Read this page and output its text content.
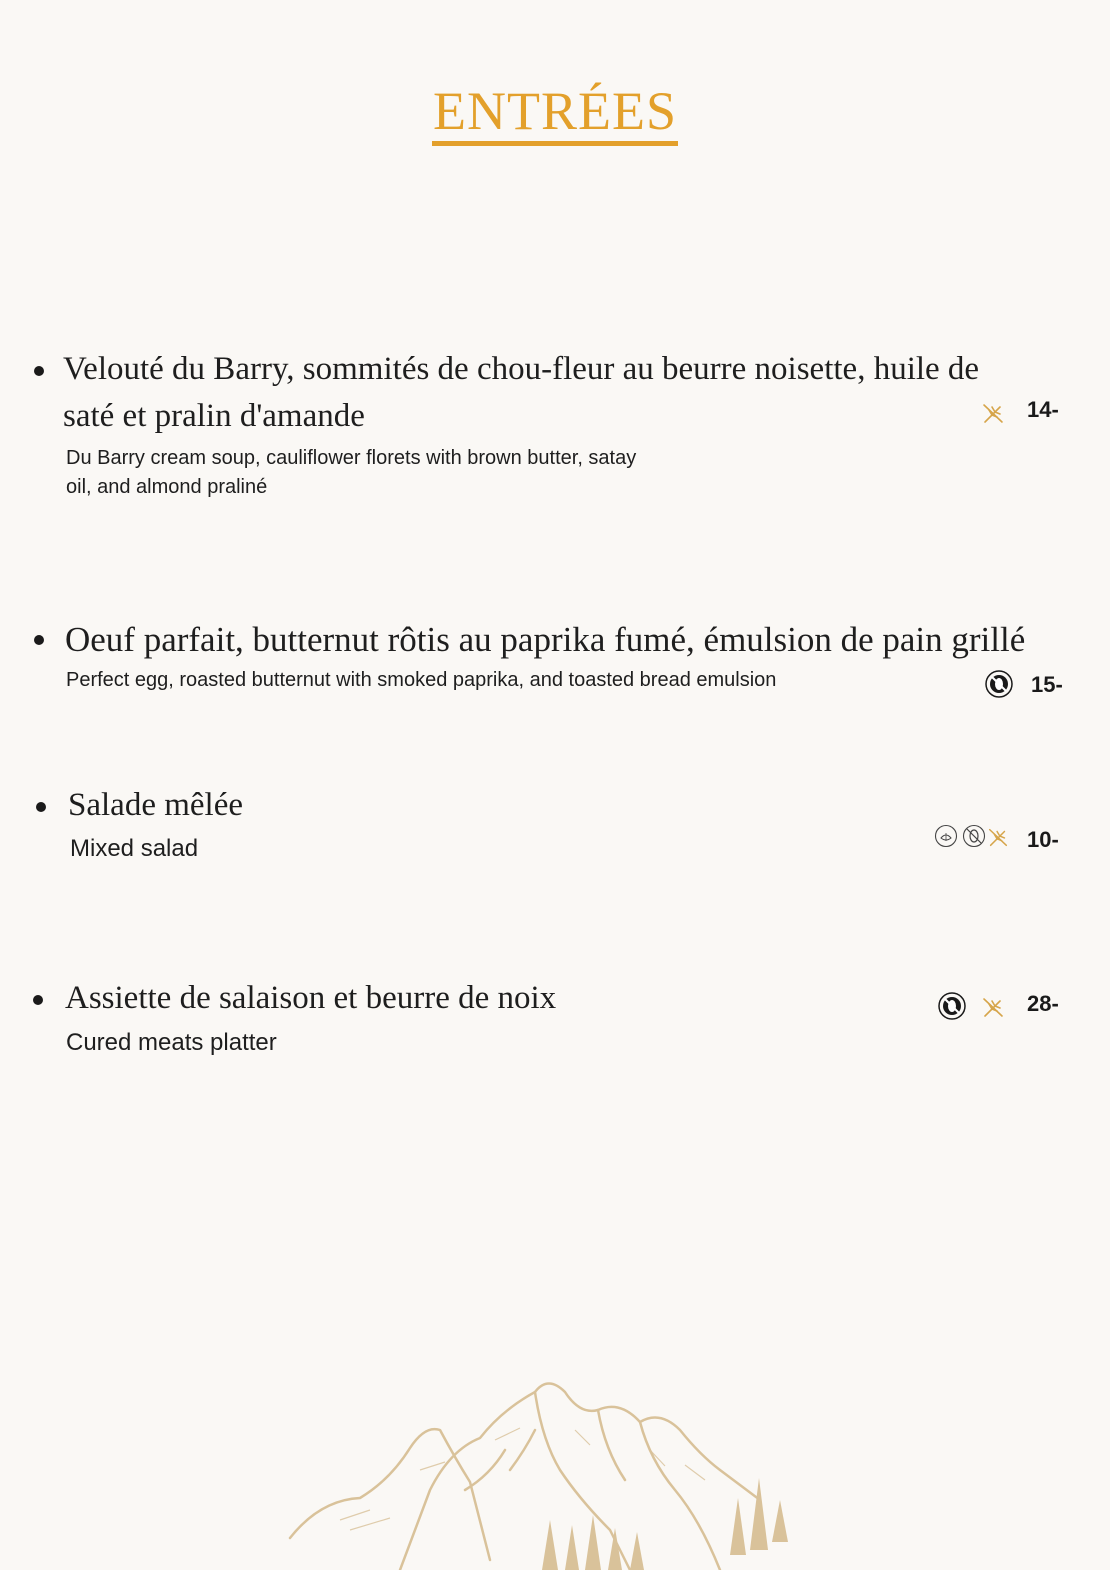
ENTRÉES
Velouté du Barry, sommités de chou-fleur au beurre noisette, huile de
saté et pralin d'amande
Du Barry cream soup, cauliflower florets with brown butter, satay
oil, and almond praliné
14-
Oeuf parfait, butternut rôtis au paprika fumé, émulsion de pain grillé
Perfect egg, roasted butternut with smoked paprika, and toasted bread emulsion	15-
Salade mêlée
Mixed salad	10-
Assiette de salaison et beurre de noix
Cured meats platter
28-
